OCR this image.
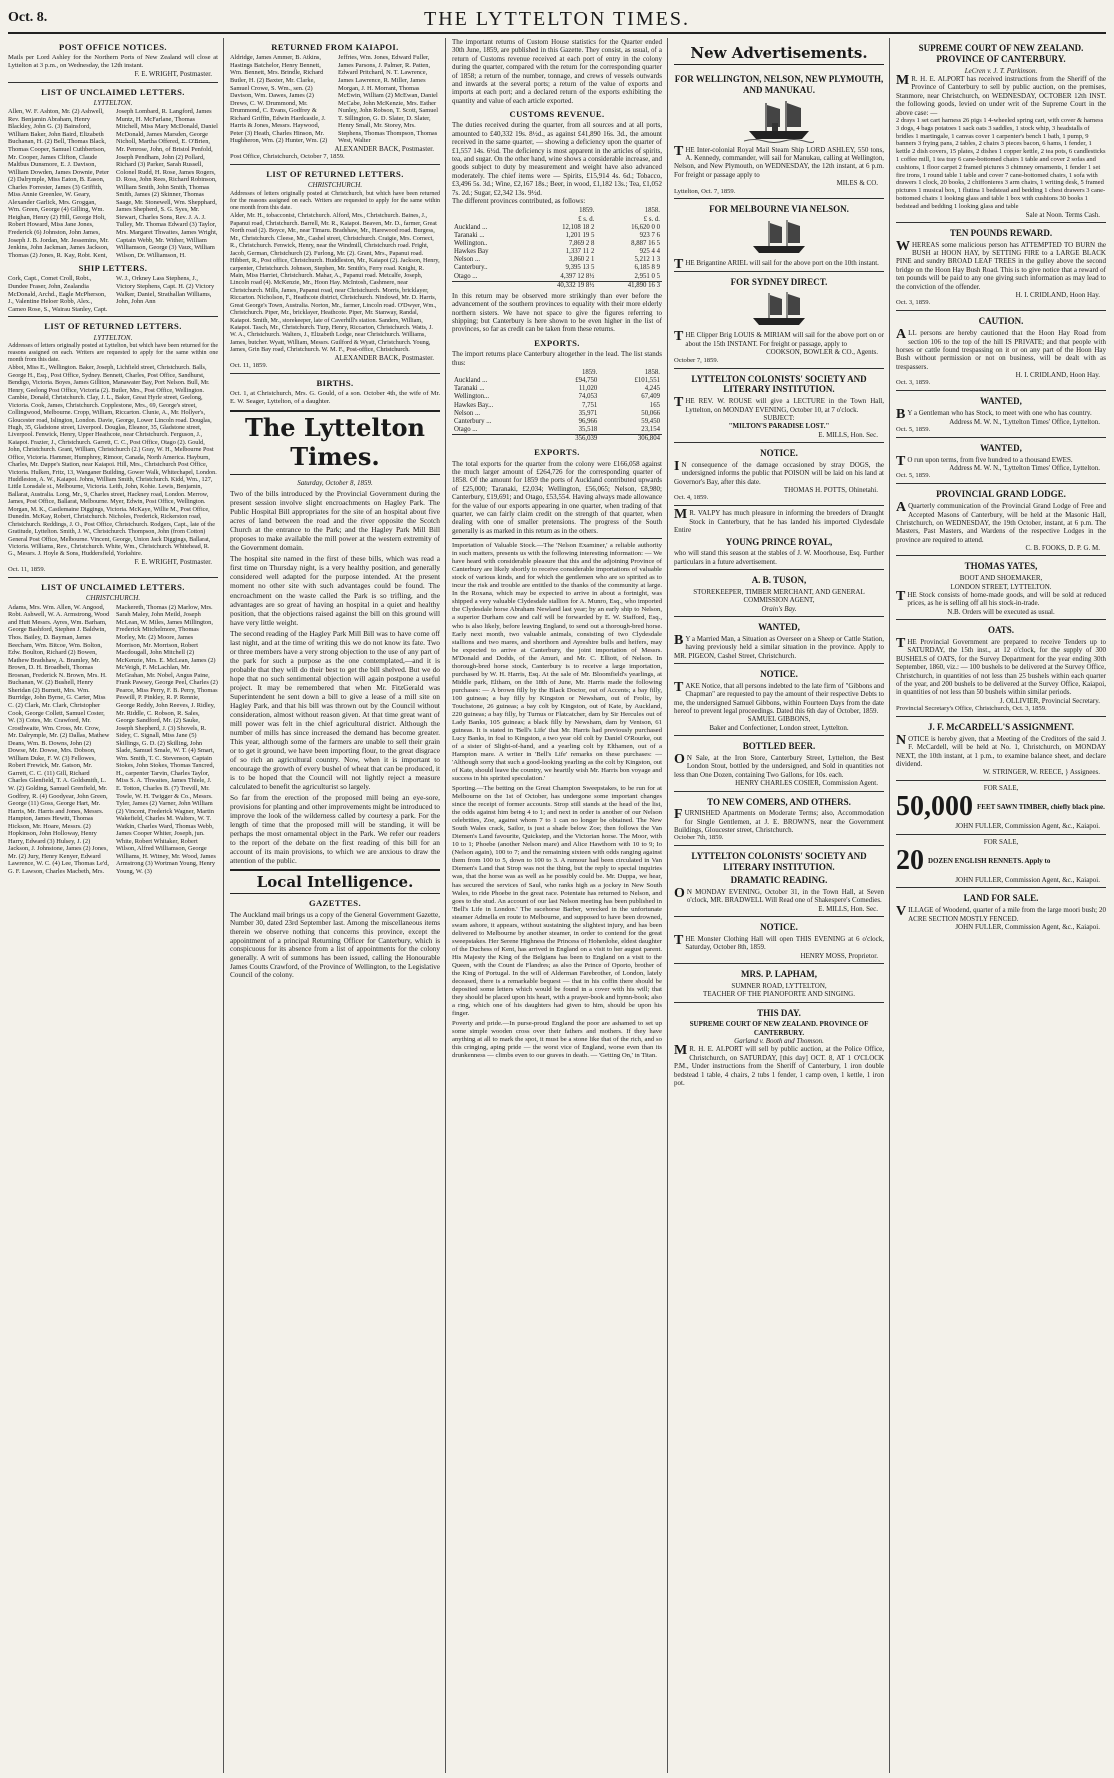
Oct. 8.	THE LYTTELTON TIMES.
POST OFFICE NOTICES.
Mails per Lord Ashley for the Northern Ports of New Zealand will close at Lyttelton at 3 p.m., on Wednesday, the 12th instant.
F. E. WRIGHT, Postmaster.
LIST OF UNCLAIMED LETTERS.
LYTTELTON.
Allen, W. F. Ashton, Mr. (2) Ashwell, Rev. Benjamin Abraham, Henry Blackley, John G. (3) Bainsford, William Baker, John Baird, Elizabeth Buchanan, H. (2) Bell, Thomas Black, Thomas Cooper, Samuel Cuthbertson, Mr. Cooper, James Clifton, Claude Maltbus Dunsmore, E. J. Davison, William Dowden, James Downie, Peter (2) Dalrymple, Miss Eaton, B. Eason, Charles Forrester, James (3) Griffith, Miss Annie Greenlee, W. Geary, Alexander Garlick, Mrs. Groggan, Wm. Green, George (4) Gilling, Wm. Heighan, Henry (2) Hill, George Holt, Robert Howard, Miss Jane Jones, Frederick (6) Johnston, John James, Joseph J. B. Jordan, Mr. Jessemins, Mr. Jenkins, John Jackman, James Jackson, Thomas (2) Jones, R. Kay, Robt. Kent, Joseph Lombard, R. Langford, James Muntz, H. McFarlane, Thomas Mitchell, Miss Mary McDonald, Daniel McDonald, James Marsden, George Nicholl, Martha Offered, E. O'Brien, Mr. Penrose, John, of Bristol Penfold, Joseph Pendham, John (2) Pollard, Richard (3) Parker, Sarah Russell, Colonel Rudd, H. Rose, James Rogers, D. Ross, John Rees, Richard Robinson, William Smith, John Smith, Thomas Smith, James (2) Skinner, Thomas Saage, Mr. Stonewell, Wm. Shepphard, James Shepherd, S. G. Syes, Mr. Stewart, Charles Sons, Rev. J. A. J. Tulley, Mr. Thomas Edward (3) Taylor, Mrs. Margaret Thwaites, James Wright, Captain Webb, Mr. Wither, William Williamson, George (3) Vaux, William Wilson, Dr. Williamson, H.
SHIP LETTERS.
Cork, Capt., Comet Croll, Robt., Dundee Fraser, John, Zealandia McDonald, Archd., Eagle McPherson, J., Valentine Heloer Robb, Alex., Cameo Rose, S., Wairau Stanley, Capt. W. J., Orkney Lass Stephens, J., Victory Stephens, Capt. H. (2) Victory Walker, Daniel, Strathallan Williams, John, John Ann
LIST OF RETURNED LETTERS.
LYTTELTON.
Addresses of letters originally posted at Lyttelton, but which have been returned for the reasons assigned on each. Writers are requested to apply for the same within one month from this date.
Abbot, Miss E., Wellington. Baker, Joseph, Lichfield street, Christchurch. Balls, George H., Esq., Post Office, Sydney. Bennett, Charles, Post Office, Sandhurst, Bendigo, Victoria. Boyes, James Gilliton, Manawater Bay, Port Nelson. Bull, Mr. Henry, Geelong Post Office, Victoria (2). Butler, Mrs., Post Office, Wellington. Cambie, Donald, Christchurch. Clay, J. L., Baker, Great Hyrle street, Geelong, Victoria. Cook, James, Christchurch. Copplestone, Mrs., 69, George's street, Collingwood, Melbourne. Cropp, William, Riccarton. Clunie, A., Mr. Hollyer's, Gloucester road, Islington, London. Davie, George, Lower Lincoln road. Douglas, Hugh, 35, Gladstone street, Liverpool. Douglas, Eleanor, 35, Gladstone street, Liverpool. Fenwick, Henry, Upper Heathcote, near Christchurch. Ferguson, J., Kaiapoi. Frazier, J., Christchurch. Garrett, C. C., Post Office, Otago (2). Gould, John, Christchurch. Grant, William, Christchurch (2.) Gray, W. H., Melbourne Post Office, Victoria. Hammer, Humphrey, Rimoor, Canada, North America. Hayburn, Charles, Mr. Dappe's Station, near Kaiapoi. Hill, Mrs., Christchurch Post Office, Victoria. Hulken, Fritz, 13, Wanganer Building, Gower Walk, Whitechapel, London. Huddleston, A. W., Kaiapoi. Johns, William Smith, Christchurch. Kidd, Wm., 127, Little Lonsdale st., Melbourne, Victoria. Leith, John, Kohie. Lewis, Benjamin, Ballarat, Australia. Long, Mr., 9, Charles street, Hackney road, London. Merrow, James, Post Office, Ballarat, Melbourne. Myer, Edwin, Post Office, Wellington. Morgan, M. K., Castlemaine Diggings, Victoria. McKaye, Willie M., Post Office, Dunedin. McKay, Robert, Christchurch. Nicholes, Frederick, Rickerston road, Christchurch. Reddings, J. O., Post Office, Christchurch. Rodgers, Capt., late of the Gratitude, Lyttelton. Smith, J. W., Christchurch. Thompson, John (from Cotton) General Post Office, Melbourne. Vincent, George, Union Jack Diggings, Ballarat, Victoria. Williams, Rev., Christchurch. White, Wm., Christchurch. Whitehead, R. G., Messrs. J. Hoyle & Sons, Huddersfield, Yorkshire.
F. E. WRIGHT, Postmaster.
Oct. 11, 1859.
LIST OF UNCLAIMED LETTERS.
CHRISTCHURCH.
Adams, Mrs. Wm. Allen, W. Angood, Robt. Ashwell, W. A. Armstrong, Wood and Hutt Messrs. Ayres, Wm. Barham, George Bashford, Stephen J. Baldwin, Thos. Bailey, D. Bayman, James Beecham, Wm. Bitcoe, Wm. Bolton, Edw. Boulton, Richard (2) Bowen, Mathew Bradshaw, A. Bramley, Mr. Brown, D. H. Broadbelt, Thomas Brosnan, Frederick N. Brown, Mrs. H. Buchanan, W. (2) Bushell, Henry Sheridan (2) Burnett, Mrs. Wm. Burridge, John Byrne, G. Carter, Miss C. (2) Clark, Mr. Clark, Christopher Cook, George Collett, Samuel Coster, W. (3) Cotes, Mr. Crawford, Mr. Crosthwaite, Wm. Cross, Mr. Crow, Mr. Dalrymple, Mr. (2) Dallas, Mathew Deans, Wm. B. Downs, John (2) Dowse, Mr. Dowse, Mrs. Dobson, William Duke, F. W. (3) Fellowes, Robert Frewick, Mr. Gatson, Mr. Garrett, C. C. (11) Gill, Richard Charles Glenfield, T. A. Goldsmith, L. W. (2) Golding, Samuel Grenfield, Mr. Godfrey, R. (4) Goodyear, John Green, George (11) Goss, George Hart, Mr. Harris, Mr. Harris and Jones, Messrs. Hampton, James Hewitt, Thomas Hickson, Mr. Hoare, Messrs. (2) Hopkinson, John Holloway, Henry Harry, Edward (3) Hulsey, J. (2) Jackson, J. Johnstone, James (2) Jones, Mr. (2) Jury, Henry Kenyer, Edward Lawrence, W. C. (4) Lee, Thomas Le'd, G. F. Lawson, Charles Macbeth, Mrs. Mackereth, Thomas (2) Marlow, Mrs. Sarah Maley, John Meild, Joseph McLean, W. Miles, James Millington, Frederick Mitchelmore, Thomas Morley, Mr. (2) Moore, James Morrison, Mr. Morrison, Robert Macdougall, John Mitchell (2) McKenzie, Mrs. E. McLean, James (2) McVeigh, F. McLachlan, Mr. McGrahan, Mr. Nobel, Angus Paine, Frank Pawsey, George Peel, Charles (2) Pearce, Miss Perry, F. B. Perry, Thomas Peswill, P. Pinkley, R. P. Rennie, George Reddy, John Reeves, J. Ridley, Mr. Riddle, C. Robson, R. Sales, George Sandford, Mr. (2) Sauke, Joseph Shepherd, J. (3) Shovels, R. Sidey, C. Signall, Miss Jane (5) Skillings, G. D. (2) Skilling, John Slade, Samuel Smale, W. T. (4) Smart, Wm. Smith, T. C. Stevenson, Captain Stokes, John Stokes, Thomas Tancred, H., carpenter Tarvin, Charles Taylor, Miss S. A. Thwaites, James Thiele, J. E. Totton, Charles B. (7) Trevill, Mr. Towle, W. H. Twigger & Co., Messrs. Tyler, James (2) Varner, John William (2) Vincent, Frederick Wagner, Martin Wakefield, Charles M. Walters, W. T. Watkin, Charles Ward, Thomas Webb, James Cooper Whiter, Joseph, jun. White, Robert Whitaker, Robert Wilson, Alfred Williamson, George Williams, H. Witney, Mr. Wood, James Armstrong (3) Wortman Young, Henry Young, W. (3)
RETURNED FROM KAIAPOI.
Aldridge, James Ammer, B. Atkins, Hastings Batchelor, Henry Bennett, Wm. Bennett, Mrs. Brindle, Richard Butler, H. (2) Baxter, Mr. Clarke, Samuel Crowe, S. Wm., sen. (2) Davison, Wm. Dawes, James (2) Drews, C. W. Drummond, Mr. Drummond, C. Evans, Godfrey & Richard Griffin, Edwin Hardcastle, J. Harris & Jones, Messrs. Haywood, Peter (3) Heath, Charles Hinson, Mr. Hughheron, Wm. (2) Hunter, Wm. (2) Jeffries, Wm. Jones, Edward Fuller, James Parsons, J. Palmer, R. Patten, Edward Pritchard, N. T. Lawrence, James Lawrence, R. Miller, James Morgan, J. H. Morrant, Thomas McEwin, William (2) McEwan, Daniel McCabe, John McKenzie, Mrs. Esther Nunley, John Robson, T. Scott, Samuel T. Sillington, G. D. Slater, D. Slater, Henry Small, Mr. Storey, Mrs. Stephens, Thomas Thompson, Thomas West, Walter
ALEXANDER BACK, Postmaster.
Post Office, Christchurch, October 7, 1859.
LIST OF RETURNED LETTERS.
CHRISTCHURCH.
Addresses of letters originally posted at Christchurch, but which have been returned for the reasons assigned on each. Writers are requested to apply for the same within one month from this date.
Alder, Mr. H., tobacconist, Christchurch. Alford, Mrs., Christchurch. Baines, J., Papanui road, Christchurch. Barrell, Mr. R., Kaiapoi. Beaven, Mr. D., farmer, Great North road (2). Boyce, Mr., near Timaru. Bradshaw, Mr., Harewood road. Burgess, Mr., Christchurch. Cleese, Mr., Cashel street, Christchurch. Craigie, Mrs. Cornect, R., Christchurch. Fenwick, Henry, near the Windmill, Christchurch road. Fright, Jacob, German, Christchurch (2). Furlong, Mr. (2). Grant, Mrs., Papanui road. Hibbert, R., Post office, Christchurch. Huddleston, Mr., Kaiapoi (2). Jackson, Henry, carpenter, Christchurch. Johnson, Stephen, Mr. Smith's, Ferry road. Knight, R. Main, Miss Harriet, Christchurch. Mahar, A., Papanui road. Metcalfe, Joseph, Lincoln road (4). McKenzie, Mr., Hoon Hay. McIntosh, Cashmere, near Christchurch. Mills, James, Papanui road, near Christchurch. Morris, bricklayer, Riccarton. Nicholson, F., Heathcote district, Christchurch. Nindowd, Mr. D. Harris, Great George's Town, Australia. Norton, Mr., farmer, Lincoln road. O'Dwyer, Wm., Christchurch. Piper, Mr., bricklayer, Heathcote. Piper, Mr. Stanway, Randal, Kaiapoi. Smith, Mr., storekeeper, late of Caverhill's station. Sanders, William, Kaiapoi. Tasch, Mr., Christchurch. Turp, Henry, Riccarton, Christchurch. Watts, J. W. A., Christchurch. Walters, J., Elizabeth Lodge, near Christchurch. Williams, James, butcher. Wyatt, William, Messrs. Guilford & Wyatt, Christchurch. Young, James, Grin Bay road, Christchurch. W. M. F., Post-office, Christchurch.
ALEXANDER BACK, Postmaster.
Oct. 11, 1859.
BIRTHS.
Oct. 1, at Christchurch, Mrs. G. Gould, of a son. October 4th, the wife of Mr. E. W. Seager, Lyttelton, of a daughter.
The Lyttelton Times.
Saturday, October 8, 1859.

Two of the bills introduced by the Provincial Government during the present session involve slight encroachments on Hagley Park. The Public Hospital Bill appropriates for the site of an hospital about five acres of land between the road and the river opposite the Scotch Church at the entrance to the Park; and the Hagley Park Mill Bill proposes to make available the mill power at the western extremity of the Government domain.

The hospital site named in the first of these bills, which was read a first time on Thursday night, is a very healthy position, and generally considered well adapted for the purpose intended. At the present moment no other site with such advantages could be found. The encroachment on the waste called the Park is so trifling, and the advantages are so great of having an hospital in a quiet and healthy position, that the objections raised against the bill on this ground will have very little weight.

The second reading of the Hagley Park Mill Bill was to have come off last night, and at the time of writing this we do not know its fate. Two or three members have a very strong objection to the use of any part of the park for such a purpose as the one contemplated,—and it is probable that they will do their best to get the bill shelved. But we do hope that no such sentimental objection will again postpone a useful project. It may be remembered that when Mr. FitzGerald was Superintendent he sent down a bill to give a lease of a mill site on Hagley Park, and that his bill was thrown out by the Council without consideration, almost without reason given. At that time great want of mill power was felt in the chief agricultural district. Although the number of mills has since increased the demand has become greater. This year, although some of the farmers are unable to sell their grain or to get it ground, we have been importing flour, to the great disgrace of so rich an agricultural country. Now, when it is important to encourage the growth of every bushel of wheat that can be produced, it is to be hoped that the Council will not lightly reject a measure calculated to benefit the agriculturist so largely.

So far from the erection of the proposed mill being an eye-sore, provisions for planting and other improvements might be introduced to improve the look of the wilderness called by courtesy a park. For the length of time that the proposed mill will be standing, it will be perhaps the most ornamental object in the Park. We refer our readers to the report of the debate on the first reading of this bill for an account of its main provisions, to which we are anxious to draw the attention of the public.

Local Intelligence.
GAZETTES.
The Auckland mail brings us a copy of the General Government Gazette, Number 30, dated 23rd September last. Among the miscellaneous items therein we observe nothing that concerns this province, except the appointment of a principal Returning Officer for Canterbury, which is conspicuous for its absence from a list of appointments for the colony generally. A writ of summons has been issued, calling the Honourable James Coutts Crawford, of the Province of Wellington, to the Legislative Council of the colony.
The important returns of Custom House statistics for the Quarter ended 30th June, 1859, are published in this Gazette. They consist, as usual, of a return of Customs revenue received at each port of entry in the colony during the quarter, compared with the return for the corresponding quarter of 1858; a return of the number, tonnage, and crews of vessels outwards and inwards at the several ports; a return of the value of exports and imports at each port; and a declared return of the exports exhibiting the quantity and value of each article exported.
CUSTOMS REVENUE.
The duties received during the quarter, from all sources and at all ports, amounted to £40,332 19s. 8½d., as against £41,890 16s. 3d., the amount received in the same quarter, — showing a deficiency upon the quarter of £1,557 14s. 6½d. The deficiency is most apparent in the articles of spirits, tea, and sugar. On the other hand, wine shows a considerable increase, and goods subject to duty by measurement and weight have also advanced moderately. The chief items were — Spirits, £15,914 4s. 6d.; Tobacco, £3,496 5s. 3d.; Wine, £2,167 18s.; Beer, in wood, £1,182 13s.; Tea, £1,052 7s. 2d.; Sugar, £2,342 13s. 9½d.
The different provinces contributed, as follows:
	1859.	1858.
	£ s. d.	£ s. d.
Auckland ...	12,108 18 2	16,620 0 0
Taranaki ...	1,201 19 5	923 7 6
Wellington..	7,869 2 8	8,887 16 5
Hawkes Bay	1,337 11 2	925 4 4
Nelson ...	3,860 2 1	5,212 1 3
Canterbury..	9,395 13 5	6,185 8 9
Otago ...	4,397 12 8½	2,951 0 5
	40,332 19 8½	41,890 16 3
In this return may be observed more strikingly than ever before the advancement of the southern provinces to equality with their more elderly northern sisters. We have not space to give the figures referring to shipping; but Canterbury is here shown to be even higher in the list of provinces, so far as credit can be taken from these returns.
EXPORTS.
The import returns place Canterbury altogether in the lead. The list stands thus:
	1859.	1858.
Auckland ...	£94,750	£101,551
Taranaki ...	11,020	4,245
Wellington...	74,053	67,409
Hawkes Bay...	7,751	165
Nelson ...	35,971	50,066
Canterbury ...	96,966	59,450
Otago ...	35,518	23,154
	356,039	306,804
EXPORTS.
The total exports for the quarter from the colony were £166,058 against the much larger amount of £264,726 for the corresponding quarter of 1858. Of the amount for 1859 the ports of Auckland contributed upwards of £25,000; Taranaki, £2,034; Wellington, £56,065; Nelson, £8,980; Canterbury, £19,691; and Otago, £53,554. Having always made allowance for the value of our exports appearing in one quarter, when trading of that quarter, we can fairly claim credit on the strength of that quarter, when dealing with one of smaller pretensions. The progress of the South generally is as marked in this return as in the others.
Importation of Valuable Stock.—The 'Nelson Examiner,' a reliable authority in such matters, presents us with the following interesting information: — We have heard with considerable pleasure that this and the adjoining Province of Canterbury are likely shortly to receive considerable importations of valuable stock of various kinds, and for which the gentlemen who are so spirited as to incur the risk and trouble are entitled to the thanks of the community at large. In the Roxana, which may be expected to arrive in about a fortnight, was shipped a very valuable Clydesdale stallion for A. Munro, Esq., who imported the Clydesdale horse Abraham Newland last year; by an early ship to Nelson, a superior Durham cow and calf will be forwarded by E. W. Stafford, Esq., who is also likely, before leaving England, to send out a thorough-bred horse. Early next month, two valuable animals, consisting of two Clydesdale stallions and two mares, and shorthorn and Ayreshire bulls and heifers, may be expected to arrive at Canterbury, the joint importation of Messrs. M'Donald and Dodds, of the Amuri, and Mr. C. Elliott, of Nelson. In thorough-bred horse stock, Canterbury is to receive a large importation, purchased by W. H. Harris, Esq. At the sale of Mr. Bloomfield's yearlings, at Middle park, Eltham, on the 18th of June, Mr. Harris made the following purchases: — A brown filly by the Black Doctor, out of Accents; a bay filly, 100 guineas; a bay filly by Kingston or Newsham, out of Frolic, by Touchstone, 26 guineas; a bay colt by Kingston, out of Kate, by Auckland, 220 guineas; a bay filly, by Turnus or Flatcatcher, dam by Sir Hercules out of Lady Banks, 105 guineas; a black filly by Newsham, dam by Venison, 61 guineas. It is stated in 'Bell's Life' that Mr. Harris had previously purchased Lucy Banks, in foal to Kingston, a two year old colt by Daniel O'Rourke, out of a sister of Slight-of-hand, and a yearling colt by Elthamen, out of a Hampton mare. A writer in 'Bell's Life' remarks on these purchases: — 'Although sorry that such a good-looking yearling as the colt by Kingston, out of Kate, should leave the country, we heartily wish Mr. Harris bon voyage and success in his spirited speculation.'
Sporting.—The betting on the Great Champion Sweepstakes, to be run for at Melbourne on the 1st of October, has undergone some important changes since the receipt of former accounts. Strop still stands at the head of the list, the odds against him being 4 to 1; and next in order is another of our Nelson celebrities, Zoe, against whom 7 to 1 can no longer be obtained. The New South Wales crack, Sailor, is just a shade below Zoe; then follows the Van Diemen's Land favourite, Quickstep, and the Victorian horse. The Moor, with 10 to 1; Phoebe (another Nelson mare) and Alice Hawthorn with 10 to 9; Io (Nelson again), 100 to 7; and the remaining sixteen with odds ranging against them from 100 to 5, down to 100 to 3. A rumour had been circulated in Van Diemen's Land that Strop was not the thing, but the reply to special inquiries was, that the horse was as well as he possibly could be. Mr. Duppa, we hear, has secured the services of Saul, who ranks high as a jockey in New South Wales, to ride Phoebe in the great race. Potentate has returned to Nelson, and goes to the stud. An account of our last Nelson meeting has been published in 'Bell's Life in London.' The racehorse Barber, wrecked in the unfortunate steamer Admella en route to Melbourne, and supposed to have been drowned, swam ashore, it appears, without sustaining the slightest injury, and has been delivered to Melbourne by another steamer, in order to contend for the great sweepstakes. Her Serene Highness the Princess of Hohenlohe, eldest daughter of the Duchess of Kent, has arrived in England on a visit to her august parent. His Majesty the King of the Belgians has been to England on a visit to the Queen, with the Count de Flandres; as also the Prince of Oporto, brother of the King of Portugal. In the will of Alderman Farebrother, of London, lately deceased, there is a remarkable bequest — that in his coffin there should be deposited some letters which would be found in a cover with his will; that they should be placed upon his heart, with a prayer-book and hymn-book; also a ring, which one of his daughters had given to him, should be upon his finger.
Poverty and pride.—In purse-proud England the poor are ashamed to set up some simple wooden cross over their fathers and mothers. If they have anything at all to mark the spot, it must be a stone like that of the rich, and so this cringing, aping pride — the worst vice of England, worse even than its drunkenness — climbs even to our graves in death. — 'Getting On,' in Titan.
New Advertisements.
FOR WELLINGTON, NELSON, NEW PLYMOUTH, AND MANUKAU.
THE Inter-colonial Royal Mail Steam Ship LORD ASHLEY, 550 tons, A. Kennedy, commander, will sail for Manukau, calling at Wellington, Nelson, and New Plymouth, on WEDNESDAY, the 12th instant, at 6 p.m. For freight or passage apply to
MILES & CO.
Lyttelton, Oct. 7, 1859.
FOR MELBOURNE VIA NELSON.
THE Brigantine ARIEL will sail for the above port on the 10th instant.
FOR SYDNEY DIRECT.
THE Clipper Brig LOUIS & MIRIAM will sail for the above port on or about the 15th INSTANT. For freight or passage, apply to
COOKSON, BOWLER & CO., Agents.
October 7, 1859.
LYTTELTON COLONISTS' SOCIETY AND LITERARY INSTITUTION.
THE REV. W. ROUSE will give a LECTURE in the Town Hall, Lyttelton, on MONDAY EVENING, October 10, at 7 o'clock.
SUBJECT:
"MILTON'S PARADISE LOST."
E. MILLS, Hon. Sec.
NOTICE.
IN consequence of the damage occasioned by stray DOGS, the undersigned informs the public that POISON will be laid on his land at Governor's Bay, after this date.
THOMAS H. POTTS, Ohinetahi.
Oct. 4, 1859.
MR. VALPY has much pleasure in informing the breeders of Draught Stock in Canterbury, that he has landed his imported Clydesdale Entire
YOUNG PRINCE ROYAL,
who will stand this season at the stables of J. W. Moorhouse, Esq. Further particulars in a future advertisement.
A. B. TUSON,
STOREKEEPER, TIMBER MERCHANT, AND GENERAL COMMISSION AGENT,
Orain's Bay.
WANTED,
BY a Married Man, a Situation as Overseer on a Sheep or Cattle Station, having previously held a similar situation in the province. Apply to MR. PIGEON, Cashel Street, Christchurch.
NOTICE.
TAKE Notice, that all persons indebted to the late firm of "Gibbons and Chapman" are requested to pay the amount of their respective Debts to me, the undersigned Samuel Gibbons, within Fourteen Days from the date hereof to prevent legal proceedings. Dated this 6th day of October, 1859.
SAMUEL GIBBONS,
Baker and Confectioner, London street, Lyttelton.
BOTTLED BEER.
ON Sale, at the Iron Store, Canterbury Street, Lyttelton, the Best London Stout, bottled by the undersigned, and Sold in quantities not less than One Dozen, containing Two Gallons, for 10s. each.
HENRY CHARLES COSIER, Commission Agent.
TO NEW COMERS, AND OTHERS.
FURNISHED Apartments on Moderate Terms; also, Accommodation for Single Gentlemen, at J. E. BROWN'S, near the Government Buildings, Gloucester street, Christchurch.
October 7th, 1859.
LYTTELTON COLONISTS' SOCIETY AND LITERARY INSTITUTION.
DRAMATIC READING.
ON MONDAY EVENING, October 31, in the Town Hall, at Seven o'clock, MR. BRADWELL Will Read one of Shakespere's Comedies.
E. MILLS, Hon. Sec.
NOTICE.
THE Monster Clothing Hall will open THIS EVENING at 6 o'clock, Saturday, October 8th, 1859.
HENRY MOSS, Proprietor.
MRS. P. LAPHAM,
SUMNER ROAD, LYTTELTON,
TEACHER OF THE PIANOFORTE AND SINGING.
THIS DAY.
SUPREME COURT OF NEW ZEALAND. PROVINCE OF CANTERBURY.
Garland v. Booth and Thomson.
MR. H. E. ALPORT will sell by public auction, at the Police Office, Christchurch, on SATURDAY, [this day] OCT. 8, AT 1 O'CLOCK P.M., Under instructions from the Sheriff of Canterbury, 1 iron double bedstead 1 table, 4 chairs, 2 tubs 1 fender, 1 camp oven, 1 kettle, 1 iron pot.
SUPREME COURT OF NEW ZEALAND. PROVINCE OF CANTERBURY.
LeCren v. J. T. Parkinson.
MR. H. E. ALPORT has received instructions from the Sheriff of the Province of Canterbury to sell by public auction, on the premises, Stanmore, near Christchurch, on WEDNESDAY, OCTOBER 12th INST. the following goods, levied on under writ of the Supreme Court in the above case: —
2 drays 1 set cart harness 26 pigs 1 4-wheeled spring cart, with cover & harness 3 dogs, 4 bags potatoes 1 sack oats 3 saddles, 1 stock whip, 3 headstalls of bridles 1 martingale, 1 canvas cover 1 carpenter's bench 1 bath, 1 pump, 9 banners 3 frying pans, 2 tables, 2 chairs 3 pieces bacon, 6 hams, 1 fender, 1 kettle 2 dish covers, 15 plates, 2 dishes 1 copper kettle, 2 tea pots, 6 candlesticks 1 coffee mill, 1 tea tray 6 cane-bottomed chairs 1 table and cover 2 sofas and cushions, 1 floor carpet 2 framed pictures 3 chimney ornaments, 1 fender 1 set fire irons, 1 round table 1 table and cover 7 cane-bottomed chairs, 1 sofa with drawers 1 clock, 20 books, 2 chiffonieres 3 arm chairs, 1 writing desk, 5 framed pictures 1 musical box, 1 flutina 1 bedstead and bedding 1 chest drawers 3 cane-bottomed chairs 1 looking glass and table 1 box with cushions 30 books 1 bedstead and bedding 1 looking glass and table
Sale at Noon. Terms Cash.
TEN POUNDS REWARD.
WHEREAS some malicious person has ATTEMPTED TO BURN the BUSH at HOON HAY, by SETTING FIRE to a LARGE BLACK PINE and sundry BROAD LEAF TREES in the gulley above the second bridge on the Hoon Hay Bush Road. This is to give notice that a reward of ten pounds will be paid to any one giving such information as may lead to the conviction of the offender.
H. I. CRIDLAND, Hoon Hay.
Oct. 3, 1859.
CAUTION.
ALL persons are hereby cautioned that the Hoon Hay Road from section 106 to the top of the hill IS PRIVATE; and that people with horses or cattle found trespassing on it or on any part of the Hoon Hay Bush without permission or not on business, will be dealt with as trespassers.
H. I. CRIDLAND, Hoon Hay.
Oct. 3, 1859.
WANTED,
BY a Gentleman who has Stock, to meet with one who has country.
Address M. W. N., 'Lyttelton Times' Office, Lyttelton.
Oct. 5, 1859.
WANTED,
TO run upon terms, from five hundred to a thousand EWES.
Address M. W. N., 'Lyttelton Times' Office, Lyttelton.
Oct. 5, 1859.
PROVINCIAL GRAND LODGE.
AQuarterly communication of the Provincial Grand Lodge of Free and Accepted Masons of Canterbury, will be held at the Masonic Hall, Christchurch, on WEDNESDAY, the 19th October, instant, at 6 p.m. The Masters, Past Masters, and Wardens of the respective Lodges in the province are required to attend.
C. B. FOOKS, D. P. G. M.
THOMAS YATES,
BOOT AND SHOEMAKER,
LONDON STREET, LYTTELTON.
THE Stock consists of home-made goods, and will be sold at reduced prices, as he is selling off all his stock-in-trade.
N.B. Orders will be executed as usual.
OATS.
THE Provincial Government are prepared to receive Tenders up to SATURDAY, the 15th inst., at 12 o'clock, for the supply of 300 BUSHELS of OATS, for the Survey Department for the year ending 30th September, 1860, viz.: — 100 bushels to be delivered at the Survey Office, Christchurch, in quantities of not less than 25 bushels within each quarter of the year, and 200 bushels to be delivered at the Survey Office, Kaiapoi, in quantities of not less than 50 bushels within similar periods.
J. OLLIVIER, Provincial Secretary.
Provincial Secretary's Office, Christchurch, Oct. 3, 1859.
J. F. McCARDELL'S ASSIGNMENT.
NOTICE is hereby given, that a Meeting of the Creditors of the said J. F. McCardell, will be held at No. 1, Christchurch, on MONDAY NEXT, the 10th instant, at 1 p.m., to examine balance sheet, and declare dividend.
W. STRINGER, W. REECE, } Assignees.
FOR SALE,
50,000 FEET SAWN TIMBER, chiefly black pine.
JOHN FULLER, Commission Agent, &c., Kaiapoi.
FOR SALE,
20 DOZEN ENGLISH RENNETS. Apply to
JOHN FULLER, Commission Agent, &c., Kaiapoi.
LAND FOR SALE.
VILLAGE of Woodend, quarter of a mile from the large moori bush; 20 ACRE SECTION MOSTLY FENCED.
JOHN FULLER, Commission Agent, &c., Kaiapoi.
